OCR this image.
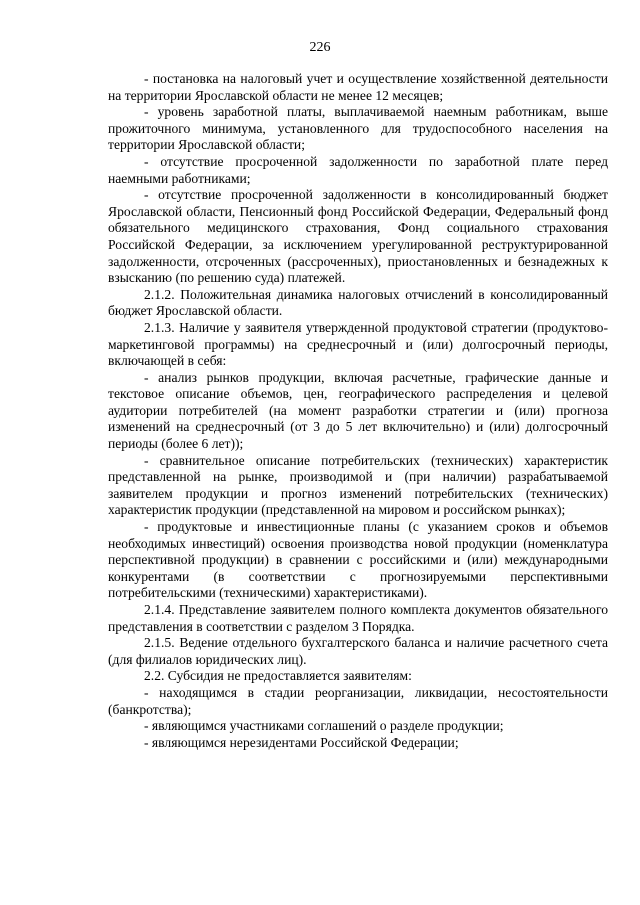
226

- постановка на налоговый учет и осуществление хозяйственной деятельности на территории Ярославской области не менее 12 месяцев;

- уровень заработной платы, выплачиваемой наемным работникам, выше прожиточного минимума, установленного для трудоспособного населения на территории Ярославской области;

- отсутствие просроченной задолженности по заработной плате перед наемными работниками;

- отсутствие просроченной задолженности в консолидированный бюджет Ярославской области, Пенсионный фонд Российской Федерации, Федеральный фонд обязательного медицинского страхования, Фонд социального страхования Российской Федерации, за исключением урегулированной реструктурированной задолженности, отсроченных (рассроченных), приостановленных и безнадежных к взысканию (по решению суда) платежей.

2.1.2. Положительная динамика налоговых отчислений в консолидированный бюджет Ярославской области.

2.1.3. Наличие у заявителя утвержденной продуктовой стратегии (продуктово-маркетинговой программы) на среднесрочный и (или) долгосрочный периоды, включающей в себя:

- анализ рынков продукции, включая расчетные, графические данные и текстовое описание объемов, цен, географического распределения и целевой аудитории потребителей (на момент разработки стратегии и (или) прогноза изменений на среднесрочный (от 3 до 5 лет включительно) и (или) долгосрочный периоды (более 6 лет));

- сравнительное описание потребительских (технических) характеристик представленной на рынке, производимой и (при наличии) разрабатываемой заявителем продукции и прогноз изменений потребительских (технических) характеристик продукции (представленной на мировом и российском рынках);

- продуктовые и инвестиционные планы (с указанием сроков и объемов необходимых инвестиций) освоения производства новой продукции (номенклатура перспективной продукции) в сравнении с российскими и (или) международными конкурентами (в соответствии с прогнозируемыми перспективными потребительскими (техническими) характеристиками).

2.1.4. Представление заявителем полного комплекта документов обязательного представления в соответствии с разделом 3 Порядка.

2.1.5. Ведение отдельного бухгалтерского баланса и наличие расчетного счета (для филиалов юридических лиц).

2.2. Субсидия не предоставляется заявителям:

- находящимся в стадии реорганизации, ликвидации, несостоятельности (банкротства);

- являющимся участниками соглашений о разделе продукции;

- являющимся нерезидентами Российской Федерации;
